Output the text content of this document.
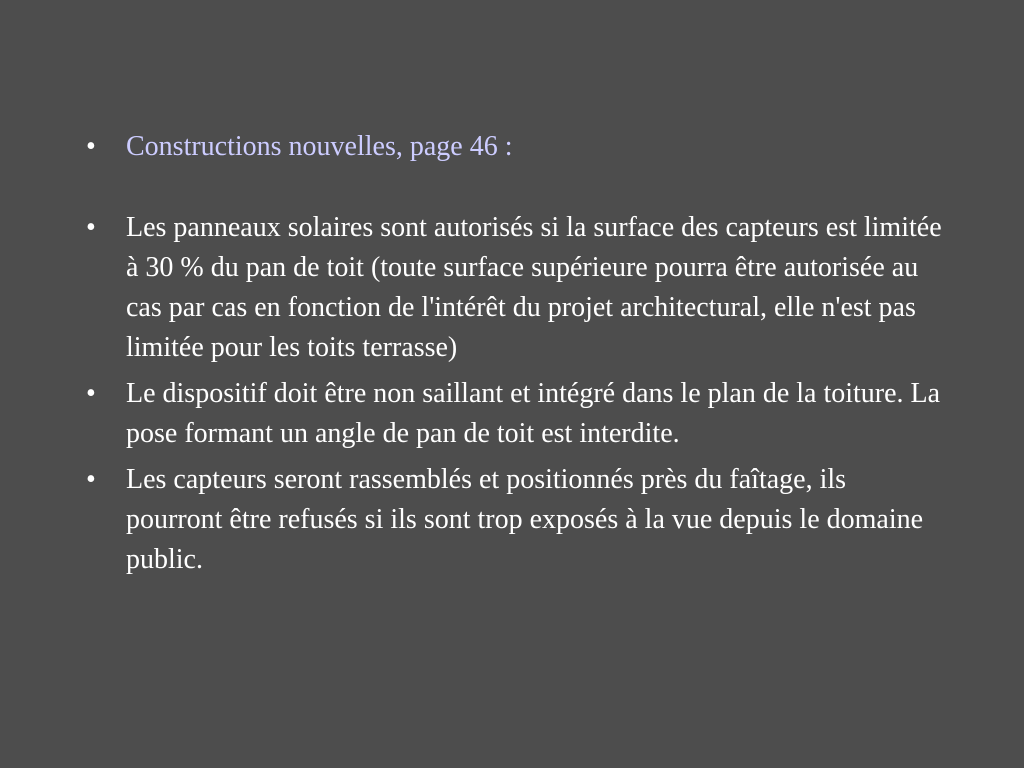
•	Constructions nouvelles, page 46 :
•	Les panneaux solaires sont autorisés si la surface des capteurs est limitée à 30 % du pan de toit (toute surface supérieure pourra être autorisée au cas par cas en fonction de l'intérêt du projet architectural, elle n'est pas limitée pour les toits terrasse)
•	Le dispositif doit être non saillant et intégré dans le plan de la toiture. La pose formant un angle de pan de toit est interdite.
•	Les capteurs seront rassemblés et positionnés près du faîtage, ils pourront être refusés si ils sont trop exposés à la vue depuis le domaine public.
